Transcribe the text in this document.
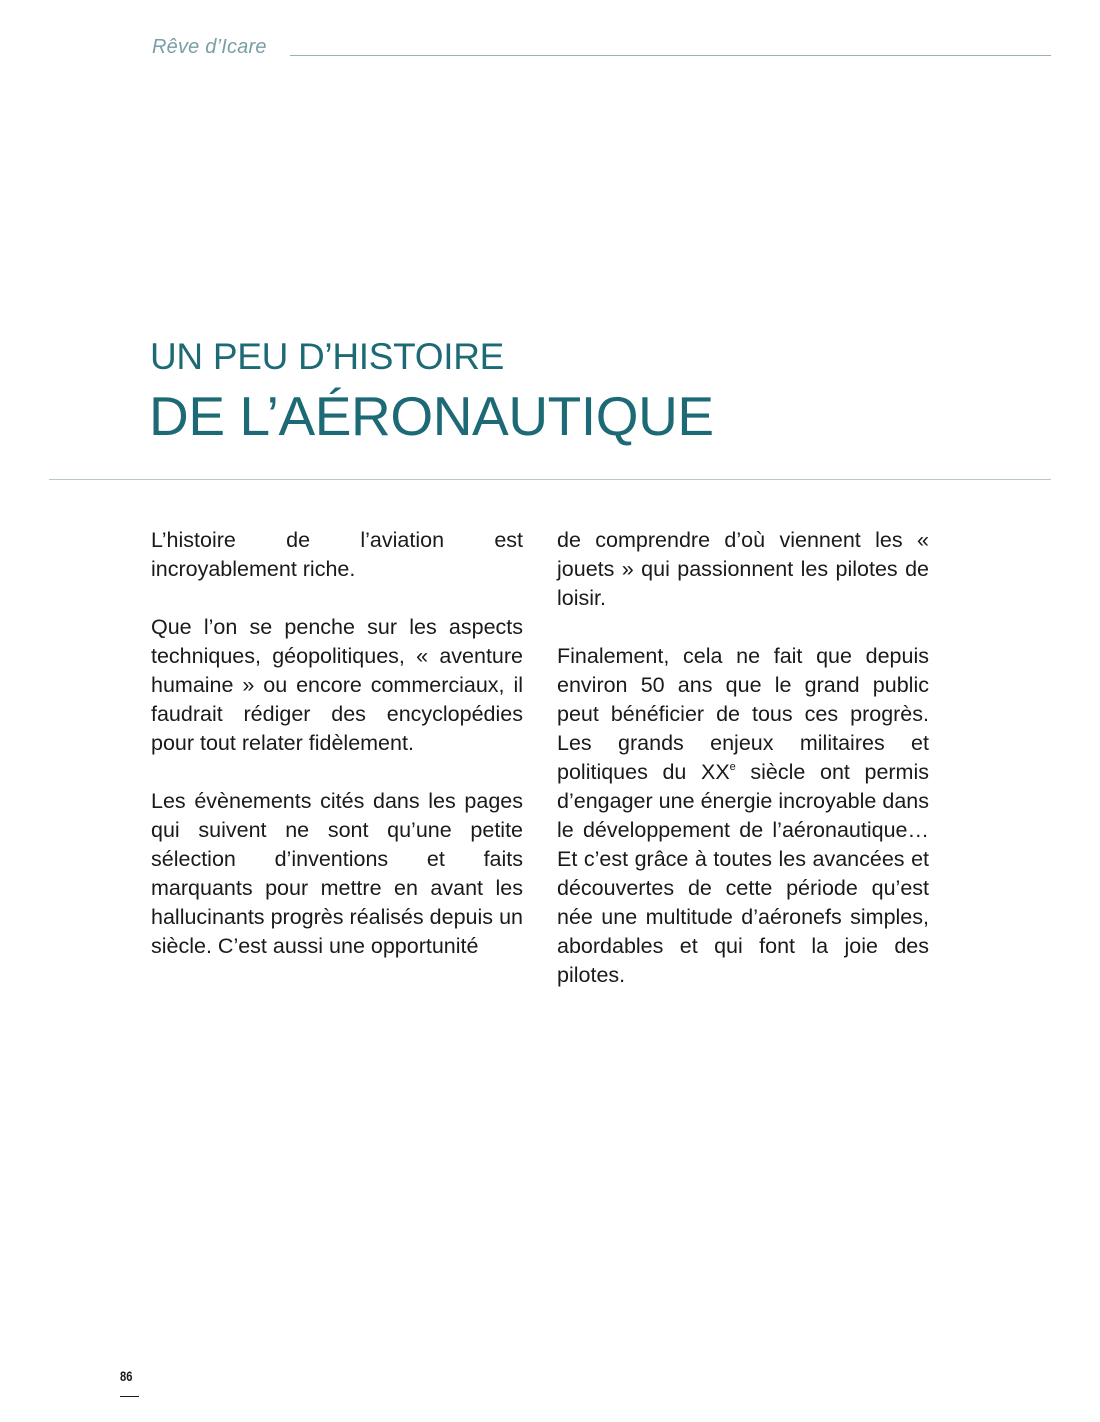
Rêve d’Icare
UN PEU D’HISTOIRE
DE L’AÉRONAUTIQUE

L’histoire de l’aviation est incroyablement riche.

Que l’on se penche sur les aspects techniques, géopolitiques, « aventure humaine » ou encore commerciaux, il faudrait rédiger des encyclopédies pour tout relater fidèlement.

Les évènements cités dans les pages qui suivent ne sont qu’une petite sélection d’inventions et faits marquants pour mettre en avant les hallucinants progrès réalisés depuis un siècle. C’est aussi une opportunité

de comprendre d’où viennent les « jouets » qui passionnent les pilotes de loisir.

Finalement, cela ne fait que depuis environ 50 ans que le grand public peut bénéficier de tous ces progrès. Les grands enjeux militaires et politiques du XXe siècle ont permis d’engager une énergie incroyable dans le développement de l’aéronautique… Et c’est grâce à toutes les avancées et découvertes de cette période qu’est née une multitude d’aéronefs simples, abordables et qui font la joie des pilotes.

86
